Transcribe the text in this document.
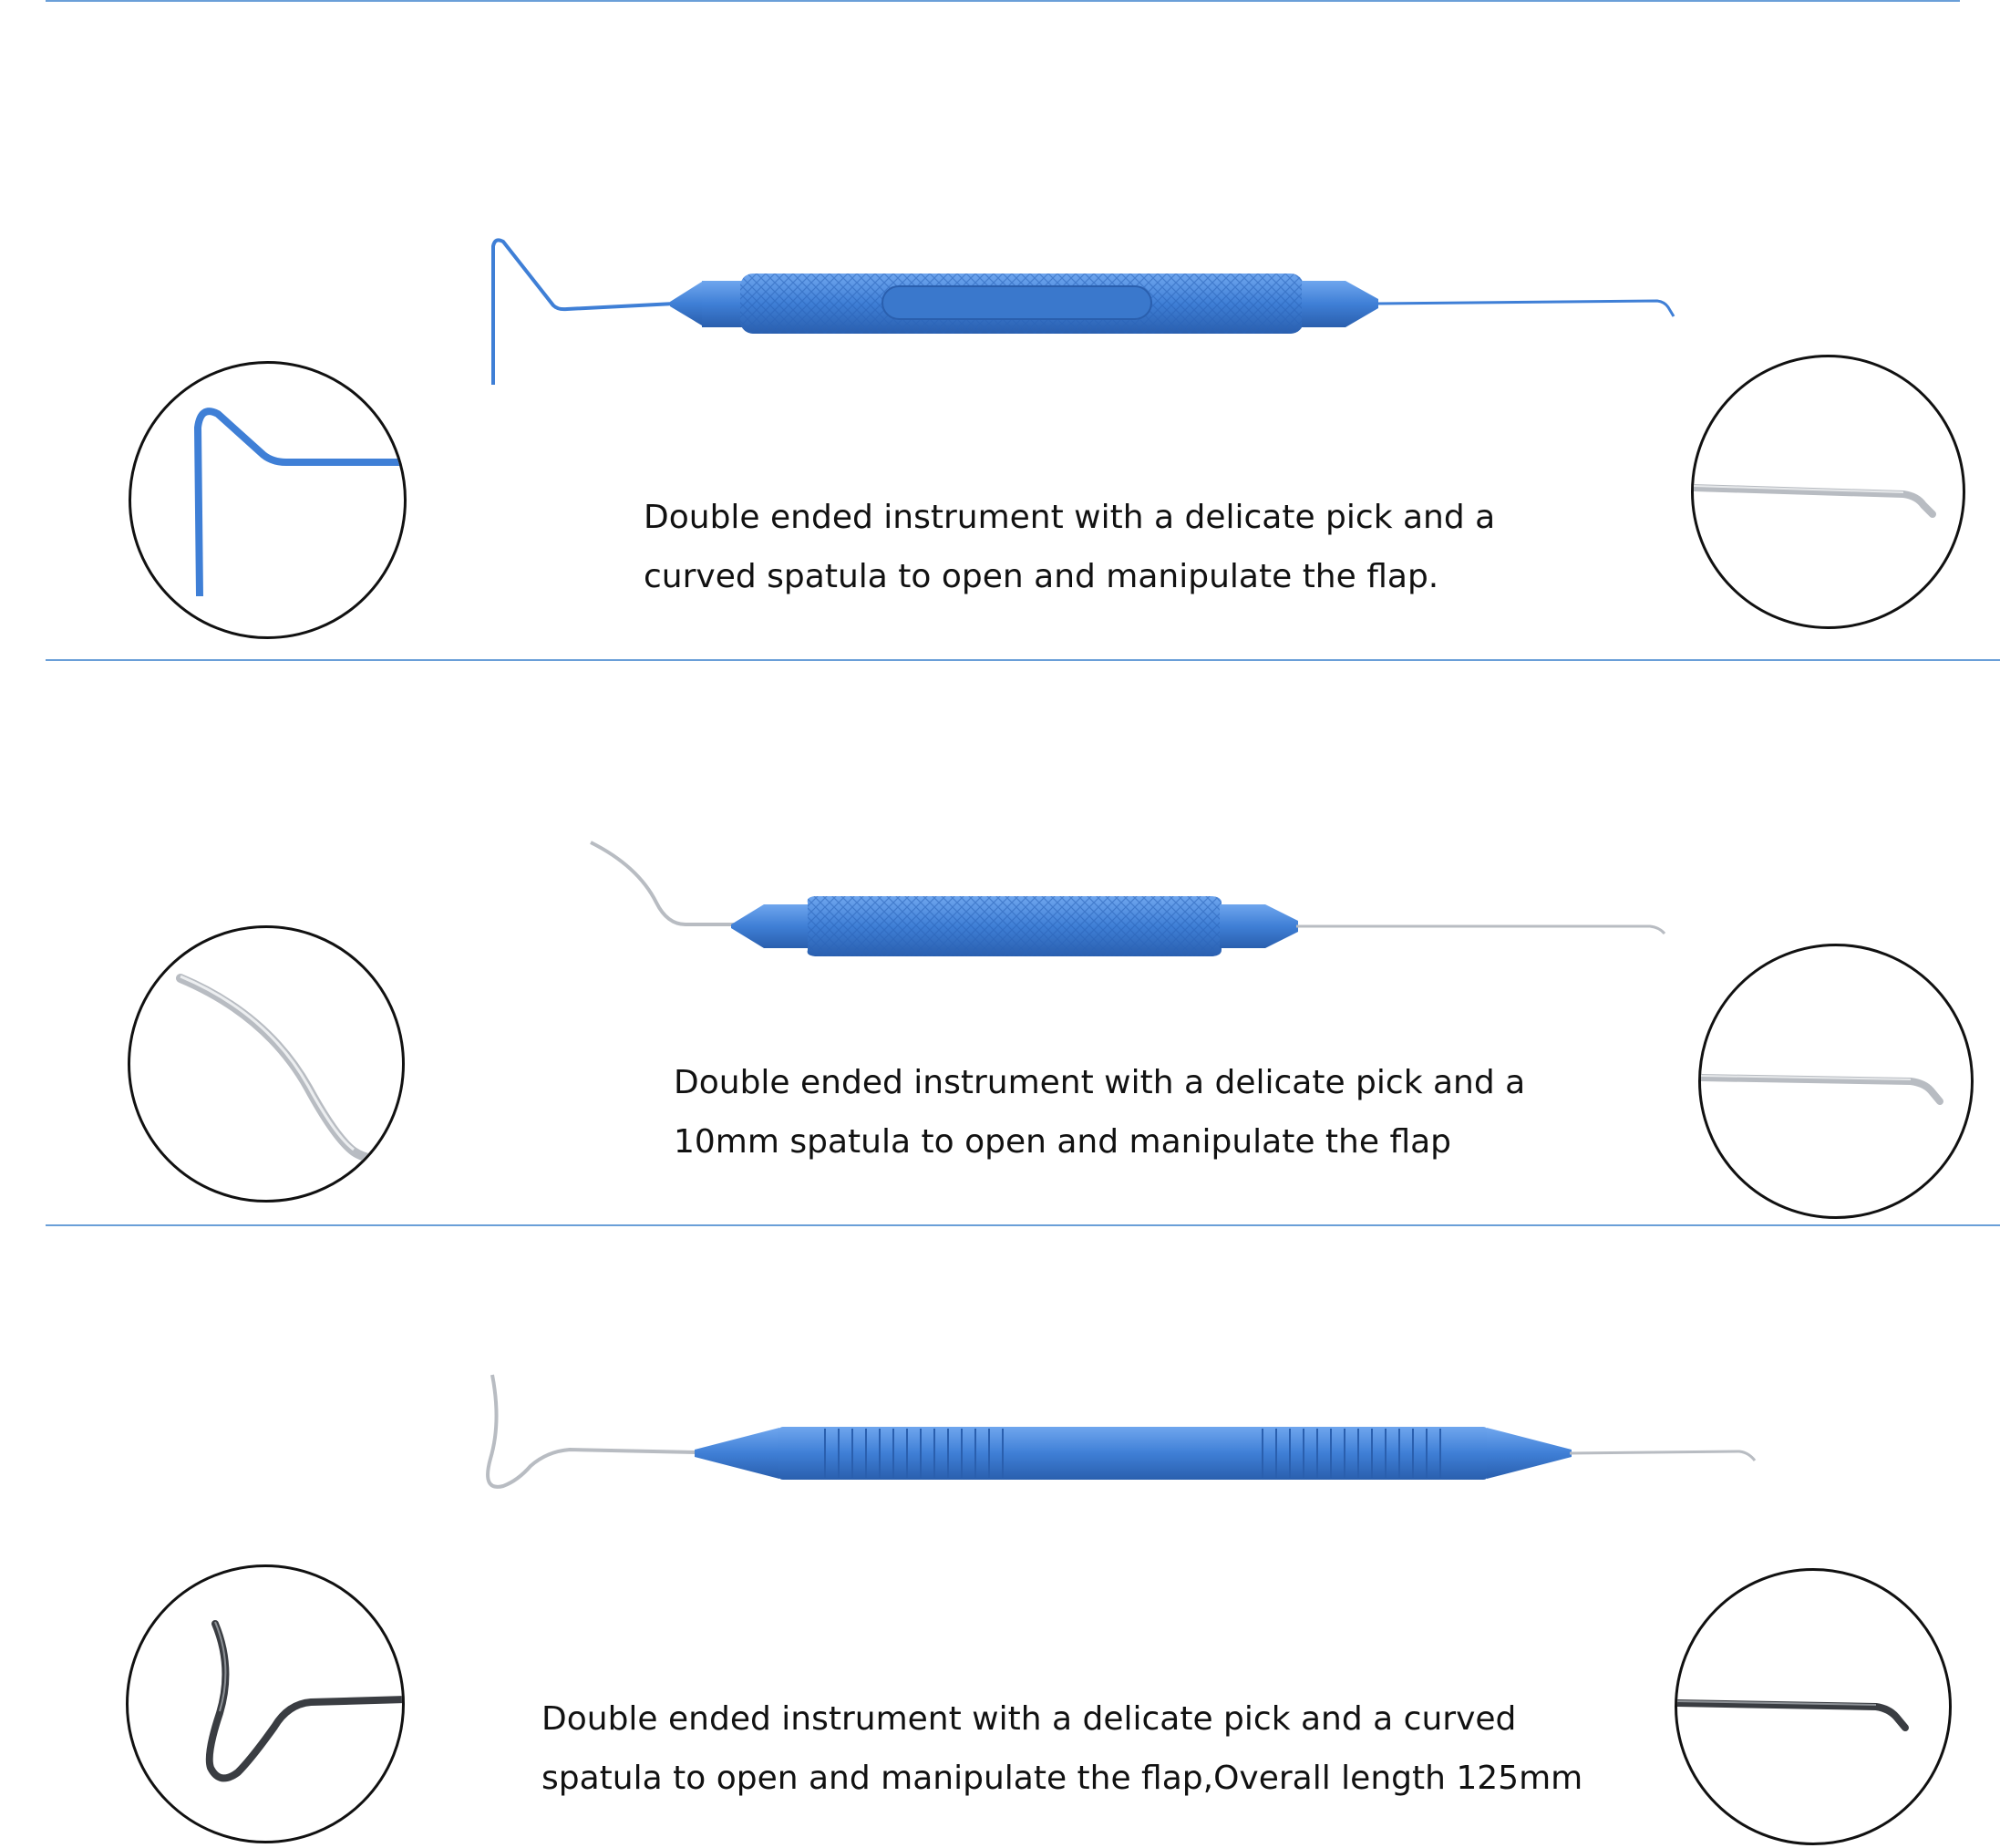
Double ended instrument with a delicate pick and a
curved spatula to open and manipulate the flap.
Double ended instrument with a delicate pick and a
10mm spatula to open and manipulate the flap
Double ended instrument with a delicate pick and a curved
spatula to open and manipulate the flap,Overall length 125mm
